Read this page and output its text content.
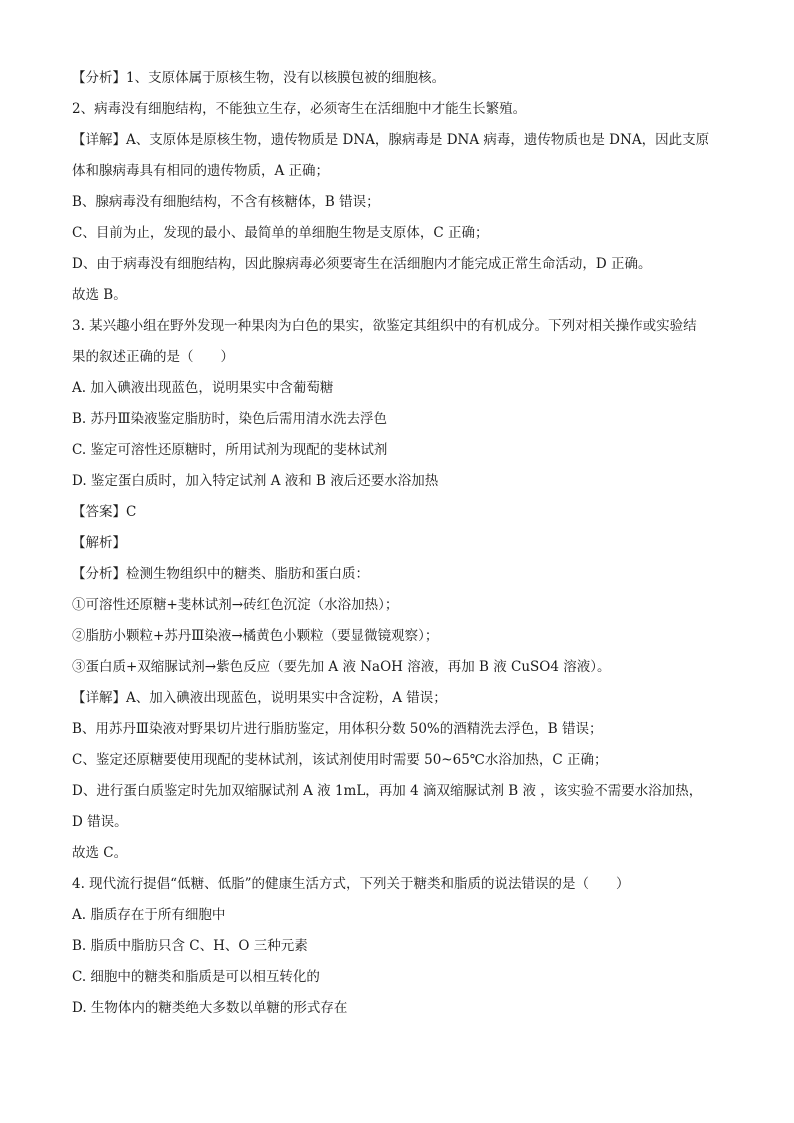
【分析】1、支原体属于原核生物，没有以核膜包被的细胞核。
2、病毒没有细胞结构，不能独立生存，必须寄生在活细胞中才能生长繁殖。
【详解】A、支原体是原核生物，遗传物质是 DNA，腺病毒是 DNA 病毒，遗传物质也是 DNA，因此支原
体和腺病毒具有相同的遗传物质，A 正确；
B、腺病毒没有细胞结构，不含有核糖体，B 错误；
C、目前为止，发现的最小、最简单的单细胞生物是支原体，C 正确；
D、由于病毒没有细胞结构，因此腺病毒必须要寄生在活细胞内才能完成正常生命活动，D 正确。
故选 B。
3. 某兴趣小组在野外发现一种果肉为白色的果实，欲鉴定其组织中的有机成分。下列对相关操作或实验结
果的叙述正确的是（　　）
A. 加入碘液出现蓝色，说明果实中含葡萄糖
B. 苏丹Ⅲ染液鉴定脂肪时，染色后需用清水洗去浮色
C. 鉴定可溶性还原糖时，所用试剂为现配的斐林试剂
D. 鉴定蛋白质时，加入特定试剂 A 液和 B 液后还要水浴加热
【答案】C
【解析】
【分析】检测生物组织中的糖类、脂肪和蛋白质：
①可溶性还原糖+斐林试剂→砖红色沉淀（水浴加热）；
②脂肪小颗粒+苏丹Ⅲ染液→橘黄色小颗粒（要显微镜观察）；
③蛋白质+双缩脲试剂→紫色反应（要先加 A 液 NaOH 溶液，再加 B 液 CuSO4 溶液）。
【详解】A、加入碘液出现蓝色，说明果实中含淀粉，A 错误；
B、用苏丹Ⅲ染液对野果切片进行脂肪鉴定，用体积分数 50%的酒精洗去浮色，B 错误；
C、鉴定还原糖要使用现配的斐林试剂，该试剂使用时需要 50~65℃水浴加热，C 正确；
D、进行蛋白质鉴定时先加双缩脲试剂 A 液 1mL，再加 4 滴双缩脲试剂 B 液 ，该实验不需要水浴加热，
D 错误。
故选 C。
4. 现代流行提倡“低糖、低脂”的健康生活方式，下列关于糖类和脂质的说法错误的是（　　）
A. 脂质存在于所有细胞中
B. 脂质中脂肪只含 C、H、O 三种元素
C. 细胞中的糖类和脂质是可以相互转化的
D. 生物体内的糖类绝大多数以单糖的形式存在
